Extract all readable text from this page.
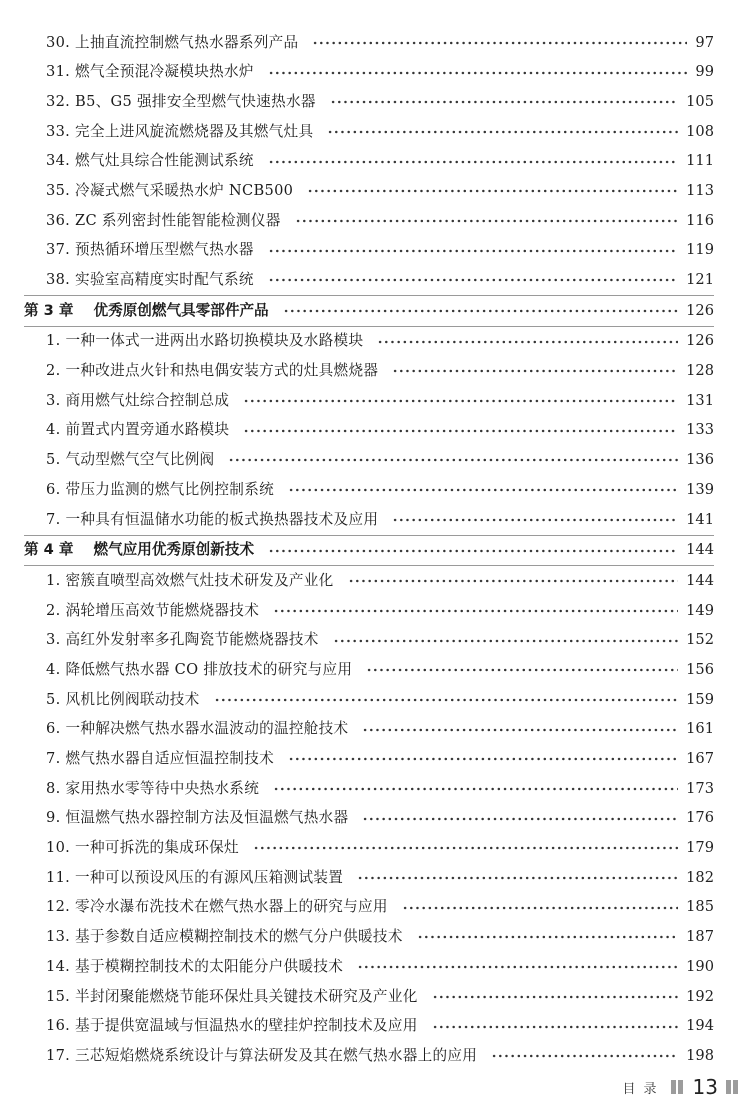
30. 上抽直流控制燃气热水器系列产品	97
31. 燃气全预混冷凝模块热水炉	99
32. B5、G5 强排安全型燃气快速热水器	105
33. 完全上进风旋流燃烧器及其燃气灶具	108
34. 燃气灶具综合性能测试系统	111
35. 冷凝式燃气采暖热水炉 NCB500	113
36. ZC 系列密封性能智能检测仪器	116
37. 预热循环增压型燃气热水器	119
38. 实验室高精度实时配气系统	121
第 3 章 优秀原创燃气具零部件产品	126
1. 一种一体式一进两出水路切换模块及水路模块	126
2. 一种改进点火针和热电偶安装方式的灶具燃烧器	128
3. 商用燃气灶综合控制总成	131
4. 前置式内置旁通水路模块	133
5. 气动型燃气空气比例阀	136
6. 带压力监测的燃气比例控制系统	139
7. 一种具有恒温储水功能的板式换热器技术及应用	141
第 4 章 燃气应用优秀原创新技术	144
1. 密簇直喷型高效燃气灶技术研发及产业化	144
2. 涡轮增压高效节能燃烧器技术	149
3. 高红外发射率多孔陶瓷节能燃烧器技术	152
4. 降低燃气热水器 CO 排放技术的研究与应用	156
5. 风机比例阀联动技术	159
6. 一种解决燃气热水器水温波动的温控舱技术	161
7. 燃气热水器自适应恒温控制技术	167
8. 家用热水零等待中央热水系统	173
9. 恒温燃气热水器控制方法及恒温燃气热水器	176
10. 一种可拆洗的集成环保灶	179
11. 一种可以预设风压的有源风压箱测试装置	182
12. 零冷水瀑布洗技术在燃气热水器上的研究与应用	185
13. 基于参数自适应模糊控制技术的燃气分户供暖技术	187
14. 基于模糊控制技术的太阳能分户供暖技术	190
15. 半封闭聚能燃烧节能环保灶具关键技术研究及产业化	192
16. 基于提供宽温域与恒温热水的壁挂炉控制技术及应用	194
17. 三芯短焰燃烧系统设计与算法研发及其在燃气热水器上的应用	198
目录 13
